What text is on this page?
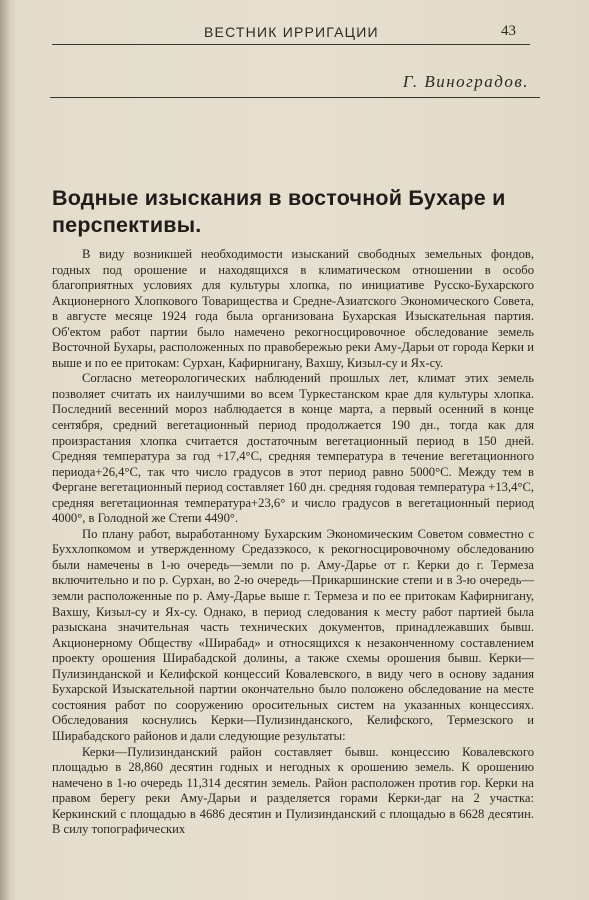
ВЕСТНИК ИРРИГАЦИИ	43
Г. Виноградов.
Водные изыскания в восточной Бухаре и перспективы.

В виду возникшей необходимости изысканий свободных земельных фондов, годных под орошение и находящихся в климатическом отношении в особо благоприятных условиях для культуры хлопка, по инициативе Русско-Бухарского Акционерного Хлопкового Товарищества и Средне-Азиатского Экономического Совета, в августе месяце 1924 года была организована Бухарская Изыскательная партия. Об'ектом работ партии было намечено рекогносцировочное обследование земель Восточной Бухары, расположенных по правобережью реки Аму-Дарьи от города Керки и выше и по ее притокам: Сурхан, Кафирнигану, Вахшу, Кизыл-су и Ях-су.

Согласно метеорологических наблюдений прошлых лет, климат этих земель позволяет считать их наилучшими во всем Туркестанском крае для культуры хлопка. Последний весенний мороз наблюдается в конце марта, а первый осенний в конце сентября, средний вегетационный период продолжается 190 дн., тогда как для произрастания хлопка считается достаточным вегетационный период в 150 дней. Средняя температура за год +17,4°С, средняя температура в течение вегетационного периода+26,4°С, так что число градусов в этот период равно 5000°С. Между тем в Фергане вегетационный период составляет 160 дн. средняя годовая температура +13,4°С, средняя вегетационная температура+23,6° и число градусов в вегетационный период 4000°, в Голодной же Степи 4490°.

По плану работ, выработанному Бухарским Экономическим Советом совместно с Буххлопкомом и утвержденному Средазэкосо, к рекогносцировочному обследованию были намечены в 1-ю очередь—земли по р. Аму-Дарье от г. Керки до г. Термеза включительно и по р. Сурхан, во 2-ю очередь—Прикаршинские степи и в 3-ю очередь—земли расположенные по р. Аму-Дарье выше г. Термеза и по ее притокам Кафирнигану, Вахшу, Кизыл-су и Ях-су. Однако, в период следования к месту работ партией была разыскана значительная часть технических документов, принадлежавших бывш. Акционерному Обществу «Ширабад» и относящихся к незаконченному составлением проекту орошения Ширабадской долины, а также схемы орошения бывш. Керки—Пулизинданской и Келифской концессий Ковалевского, в виду чего в основу задания Бухарской Изыскательной партии окончательно было положено обследование на месте состояния работ по сооружению оросительных систем на указанных концессиях. Обследования коснулись Керки—Пулизинданского, Келифского, Термезского и Ширабадского районов и дали следующие результаты:

Керки—Пулизинданский район составляет бывш. концессию Ковалевского площадью в 28,860 десятин годных и негодных к орошению земель. К орошению намечено в 1-ю очередь 11,314 десятин земель. Район расположен против гор. Керки на правом берегу реки Аму-Дарьи и разделяется горами Керки-даг на 2 участка: Керкинский с площадью в 4686 десятин и Пулизинданский с площадью в 6628 десятин. В силу топографических
